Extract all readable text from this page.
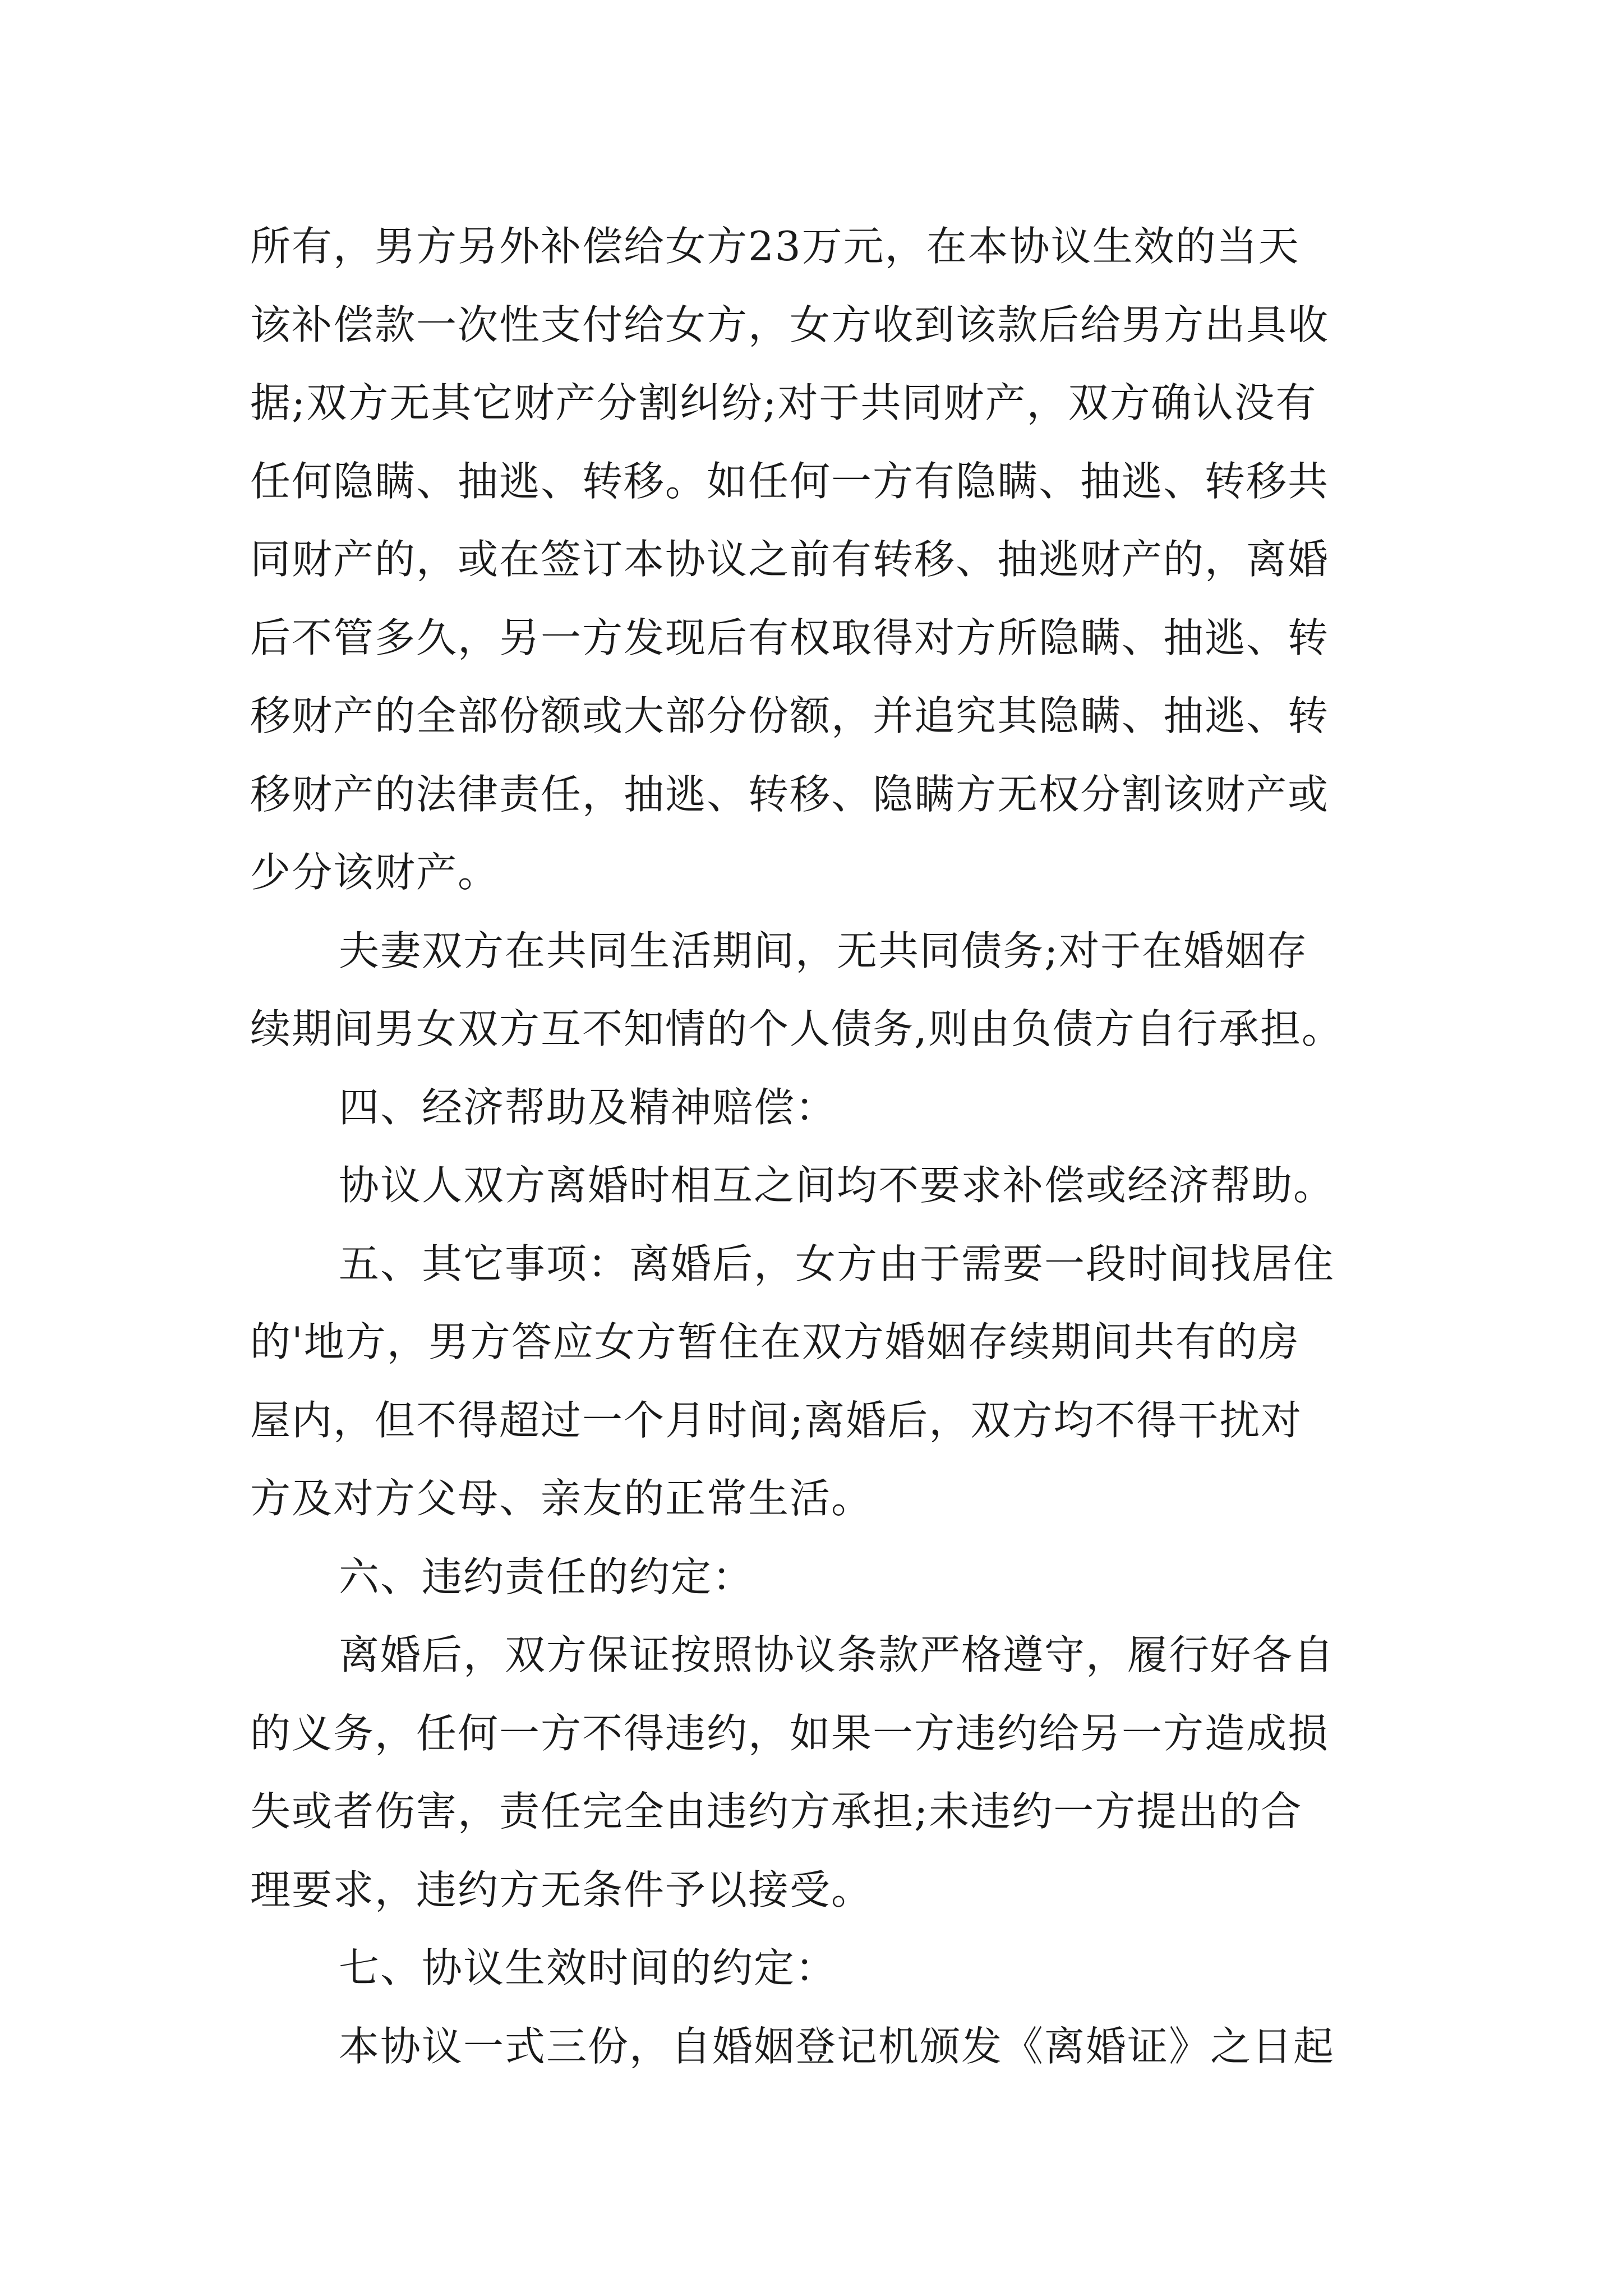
所有，男方另外补偿给女方23万元，在本协议生效的当天
该补偿款一次性支付给女方，女方收到该款后给男方出具收
据;双方无其它财产分割纠纷;对于共同财产，双方确认没有
任何隐瞒、抽逃、转移。如任何一方有隐瞒、抽逃、转移共
同财产的，或在签订本协议之前有转移、抽逃财产的，离婚
后不管多久，另一方发现后有权取得对方所隐瞒、抽逃、转
移财产的全部份额或大部分份额，并追究其隐瞒、抽逃、转
移财产的法律责任，抽逃、转移、隐瞒方无权分割该财产或
少分该财产。
夫妻双方在共同生活期间，无共同债务;对于在婚姻存
续期间男女双方互不知情的个人债务,则由负债方自行承担。
四、经济帮助及精神赔偿：
协议人双方离婚时相互之间均不要求补偿或经济帮助。
五、其它事项：离婚后，女方由于需要一段时间找居住
的'地方，男方答应女方暂住在双方婚姻存续期间共有的房
屋内，但不得超过一个月时间;离婚后，双方均不得干扰对
方及对方父母、亲友的正常生活。
六、违约责任的约定：
离婚后，双方保证按照协议条款严格遵守，履行好各自
的义务，任何一方不得违约，如果一方违约给另一方造成损
失或者伤害，责任完全由违约方承担;未违约一方提出的合
理要求，违约方无条件予以接受。
七、协议生效时间的约定：
本协议一式三份，自婚姻登记机颁发《离婚证》之日起
